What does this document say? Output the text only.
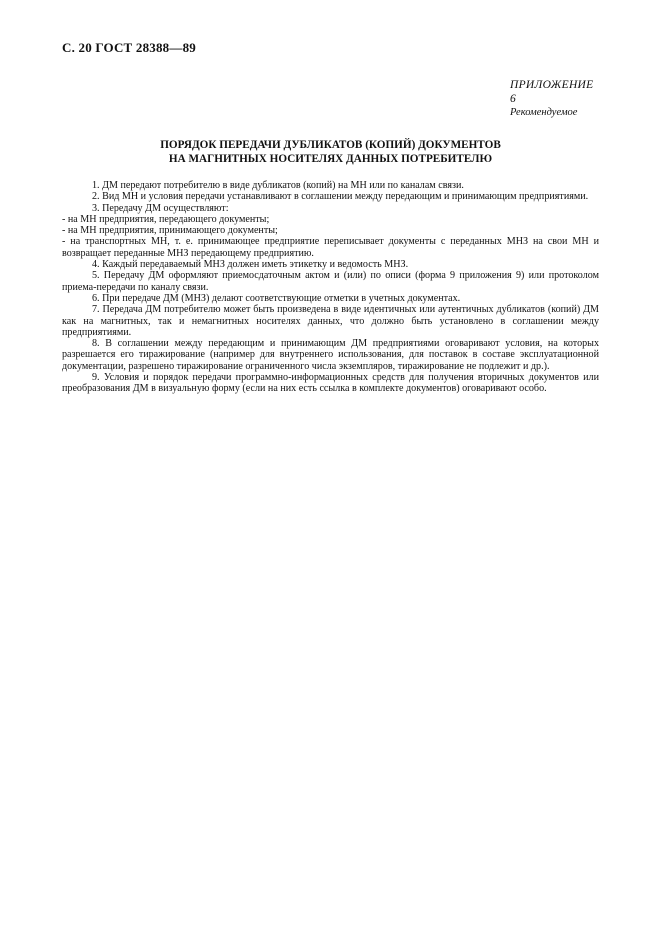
С. 20 ГОСТ 28388—89
ПРИЛОЖЕНИЕ 6
Рекомендуемое
ПОРЯДОК ПЕРЕДАЧИ ДУБЛИКАТОВ (КОПИЙ) ДОКУМЕНТОВ
НА МАГНИТНЫХ НОСИТЕЛЯХ ДАННЫХ ПОТРЕБИТЕЛЮ

1. ДМ передают потребителю в виде дубликатов (копий) на МН или по каналам связи.

2. Вид МН и условия передачи устанавливают в соглашении между передающим и принимающим предприятиями.

3. Передачу ДМ осуществляют:

- на МН предприятия, передающего документы;

- на МН предприятия, принимающего документы;

- на транспортных МН, т. е. принимающее предприятие переписывает документы с переданных МНЗ на свои МН и возвращает переданные МНЗ передающему предприятию.

4. Каждый передаваемый МНЗ должен иметь этикетку и ведомость МНЗ.

5. Передачу ДМ оформляют приемосдаточным актом и (или) по описи (форма 9 приложения 9) или протоколом приема-передачи по каналу связи.

6. При передаче ДМ (МНЗ) делают соответствующие отметки в учетных документах.

7. Передача ДМ потребителю может быть произведена в виде идентичных или аутентичных дубликатов (копий) ДМ как на магнитных, так и немагнитных носителях данных, что должно быть установлено в соглашении между предприятиями.

8. В соглашении между передающим и принимающим ДМ предприятиями оговаривают условия, на которых разрешается его тиражирование (например для внутреннего использования, для поставок в составе эксплуатационной документации, разрешено тиражирование ограниченного числа экземпляров, тиражирование не подлежит и др.).

9. Условия и порядок передачи программно-информационных средств для получения вторичных документов или преобразования ДМ в визуальную форму (если на них есть ссылка в комплекте документов) оговаривают особо.
